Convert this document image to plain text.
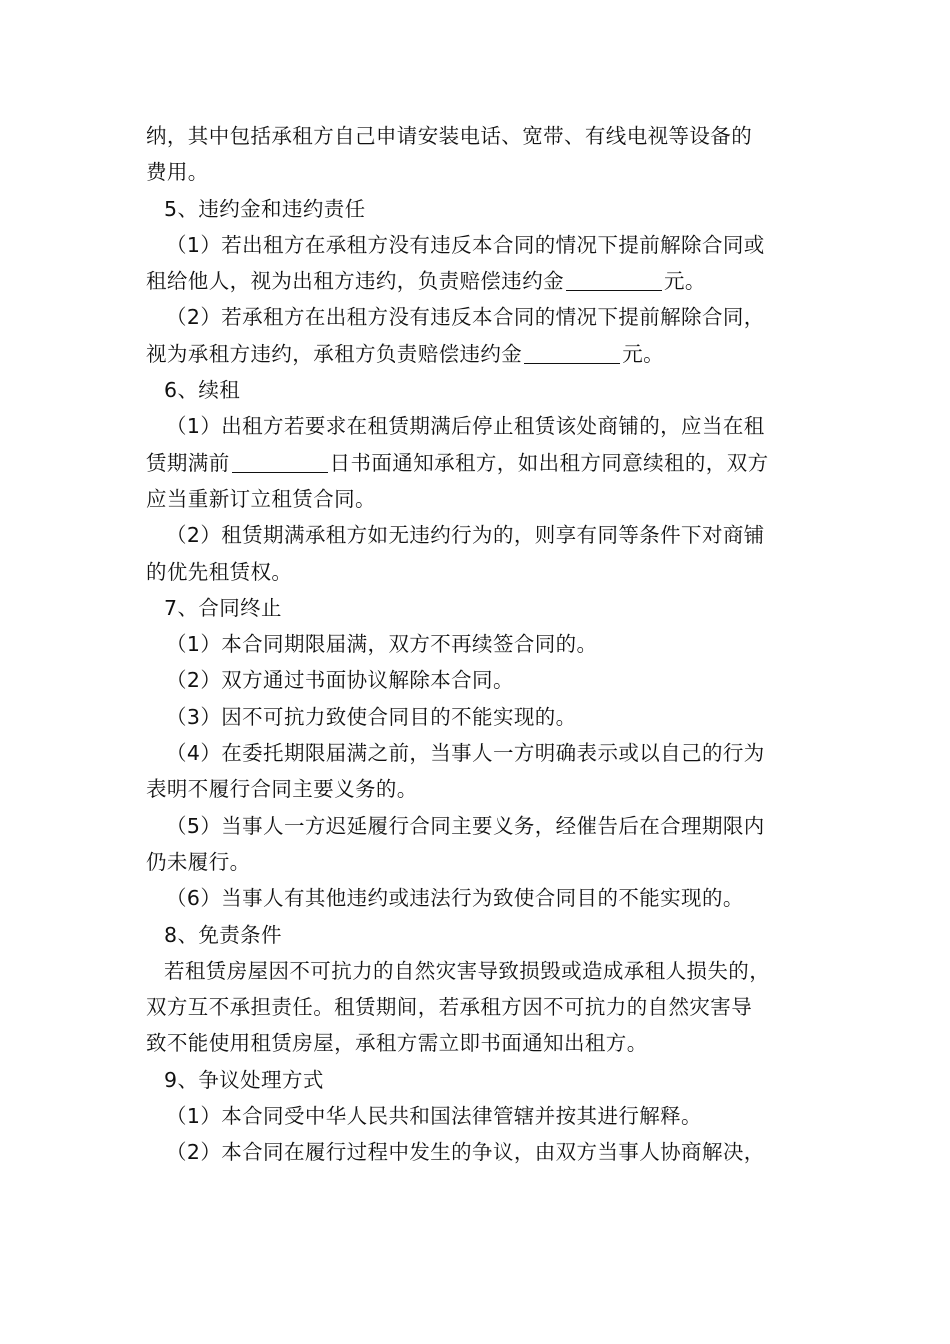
纳，其中包括承租方自己申请安装电话、宽带、有线电视等设备的
费用。
5、违约金和违约责任
（1）若出租方在承租方没有违反本合同的情况下提前解除合同或
租给他人，视为出租方违约，负责赔偿违约金	元。
（2）若承租方在出租方没有违反本合同的情况下提前解除合同，
视为承租方违约，承租方负责赔偿违约金	元。
6、续租
（1）出租方若要求在租赁期满后停止租赁该处商铺的，应当在租
赁期满前	日书面通知承租方，如出租方同意续租的，双方
应当重新订立租赁合同。
（2）租赁期满承租方如无违约行为的，则享有同等条件下对商铺
的优先租赁权。
7、合同终止
（1）本合同期限届满，双方不再续签合同的。
（2）双方通过书面协议解除本合同。
（3）因不可抗力致使合同目的不能实现的。
（4）在委托期限届满之前，当事人一方明确表示或以自己的行为
表明不履行合同主要义务的。
（5）当事人一方迟延履行合同主要义务，经催告后在合理期限内
仍未履行。
（6）当事人有其他违约或违法行为致使合同目的不能实现的。
8、免责条件
若租赁房屋因不可抗力的自然灾害导致损毁或造成承租人损失的，
双方互不承担责任。租赁期间，若承租方因不可抗力的自然灾害导
致不能使用租赁房屋，承租方需立即书面通知出租方。
9、争议处理方式
（1）本合同受中华人民共和国法律管辖并按其进行解释。
（2）本合同在履行过程中发生的争议，由双方当事人协商解决，
